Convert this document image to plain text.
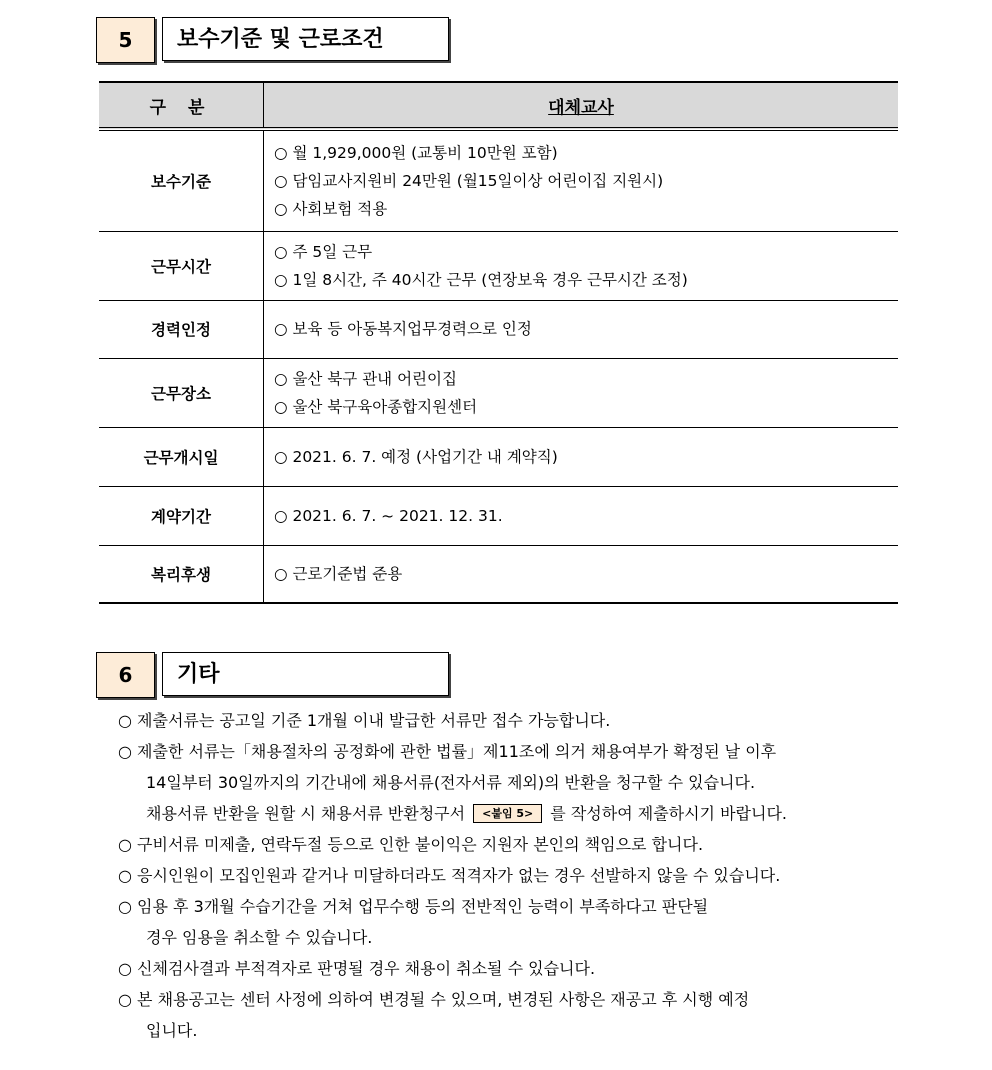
5	보수기준 및 근로조건
구 분	대체교사
보수기준	○ 월 1,929,000원 (교통비 10만원 포함)
○ 담임교사지원비 24만원 (월15일이상 어린이집 지원시)
○ 사회보험 적용

근무시간	○ 주 5일 근무
○ 1일 8시간, 주 40시간 근무 (연장보육 경우 근무시간 조정)

경력인정	○ 보육 등 아동복지업무경력으로 인정

근무장소	○ 울산 북구 관내 어린이집
○ 울산 북구육아종합지원센터

근무개시일	○ 2021. 6. 7. 예정 (사업기간 내 계약직)

계약기간	○ 2021. 6. 7. ~ 2021. 12. 31.

복리후생	○ 근로기준법 준용
6	기타
○ 제출서류는 공고일 기준 1개월 이내 발급한 서류만 접수 가능합니다.
○ 제출한 서류는「채용절차의 공정화에 관한 법률」제11조에 의거 채용여부가 확정된 날 이후
14일부터 30일까지의 기간내에 채용서류(전자서류 제외)의 반환을 청구할 수 있습니다.
채용서류 반환을 원할 시 채용서류 반환청구서 <붙임 5> 를 작성하여 제출하시기 바랍니다.
○ 구비서류 미제출, 연락두절 등으로 인한 불이익은 지원자 본인의 책임으로 합니다.
○ 응시인원이 모집인원과 같거나 미달하더라도 적격자가 없는 경우 선발하지 않을 수 있습니다.
○ 임용 후 3개월 수습기간을 거쳐 업무수행 등의 전반적인 능력이 부족하다고 판단될
경우 임용을 취소할 수 있습니다.
○ 신체검사결과 부적격자로 판명될 경우 채용이 취소될 수 있습니다.
○ 본 채용공고는 센터 사정에 의하여 변경될 수 있으며, 변경된 사항은 재공고 후 시행 예정
입니다.
